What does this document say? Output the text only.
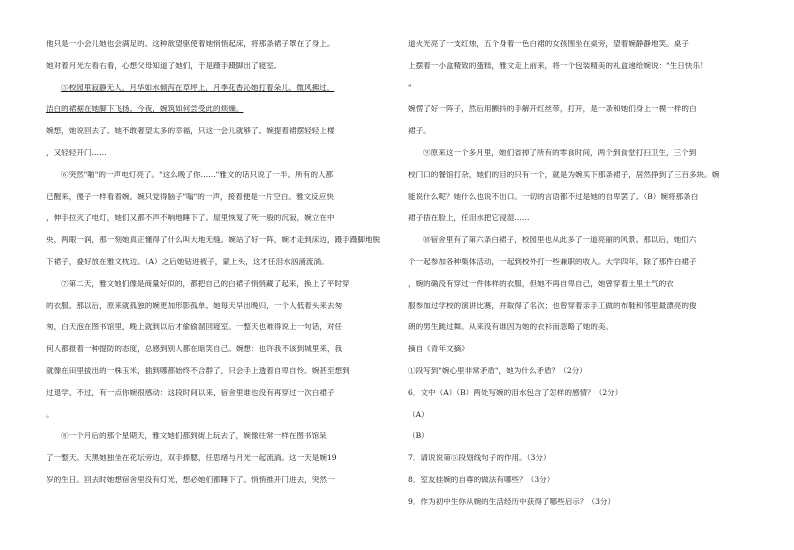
他只是一小会儿她也会满足的。这种欲望驱使着她悄悄起床，将那条裙子罩在了身上。
她对着月光左看右看，心想父母知道了她们，于是蹑手蹑脚出了寝室。
⑤校园里寂静无人，月华如水倾泻在草坪上，月季花香沁她打着朵儿，微风拂过，
洁白的裙裾在她脚下飞扬。今夜，婉筑如何尝受此的烦燥。
婉想，她说回去了。她不敢奢望太多的幸福，只这一会儿就够了。婉提着裙摆轻轻上楼
，又轻轻开门……
⑥突然"啪"的一声电灯亮了。"这么晚了你……"雅文的话只说了一半。所有的人都
已醒来，傻子一样看着婉。婉只觉得脑子"嗡"的一声，接着便是一片空白。雅文反应快
，伸手拉灭了电灯，她们又都不声不响地睡下了。屋里恢复了死一般的沉寂，婉立在中
央，两眼一润，那一刻她真正懂得了什么叫大地无缝。婉站了好一阵，婉才走到床边，蹑手蹑脚地脱
下裙子，叠好放在雅文枕边。（A）之后她钻进被子，蒙上头，这才任泪水汹涌流淌。
⑦第二天，雅文她们像是商量好似的，都把自己的白裙子悄悄藏了起来，换上了平时穿
的衣服。那以后，原来就孤独的婉更加形影孤单。她每天早出晚归，一个人低着头来去匆
匆，白天泡在图书馆里，晚上就到以后才偷偷溜回寝室。一整天也难得说上一句话，对任
何人都报着一种提防的态度，总感到别人都在暗笑自己。婉想：也许我不该到城里来，我
就像在田里拔出的一株玉米，插到哪都始终不合群了，只会手上透着自卑自怜。婉甚至想到
过退学。不过，有一点你婉很感动：这段时间以来，宿舍里谁也没有再穿过一次白裙子
。
⑧一个月后的那个星期天，雅文她们都到街上玩去了，婉像往常一样在图书馆呆
了一整天。天黑她独坐在花坛旁边，双手捧腮，任思绪与月光一起流淌。这一天是婉19
岁的生日。回去时她想宿舍里没有灯光，想必她们都睡下了。悄悄推开门进去，突然一
道火光亮了一支红烛，五个身着一色白裙的女孩围坐在桌旁，望着婉静静地笑。桌子
上摆着一小盒精致的蛋糕，雅文走上前来，将一个包装精美的礼盒递给婉说："生日快乐！
"
婉愣了好一阵子，然后用颤抖的手解开红丝带，打开，是一条和她们身上一模一样的白
裙子。
⑨原来这一个多月里，她们省掉了所有的零食时间，两个到食堂打扫卫生，三个到
校门口的餐馆打杂，她们的目的只有一个，就是为婉买下那条裙子，居然挣到了三百多块。婉
能说什么呢？她什么也说不出口。一切的言语都不过是她的自卑罢了。（B）婉将那条白
裙子捂在脸上，任泪水把它浸湿……
⑩宿舍里有了第六条白裙子，校园里也从此多了一道亮丽的风景。那以后，她们六
个一起参加各种集体活动，一起到校外打一些兼职的收入。大学四年，除了那件白裙子
，婉的确没有穿过一件体样的衣服，但她不再自卑自己，她曾穿着土里土气的衣
服参加过学校的演讲比赛，并取得了名次；也曾穿着亲手工做的布鞋和邻里最漂亮的俊
朗的男生跳过舞。从来没有谁因为她的衣衫而忽略了她的美。
摘自《青年文摘》
①段写到"婉心里非常矛盾"，她为什么矛盾？（2分）
6．文中（A）（B）两处写婉的泪水包含了怎样的感情？（2分）
（A）
（B）
7．请说说第⑤段划线句子的作用。（3分）
8．室友挂婉的自尊的做法有哪些？（3分）
9．作为初中生你从婉的生活经历中获得了哪些启示？（3分）
